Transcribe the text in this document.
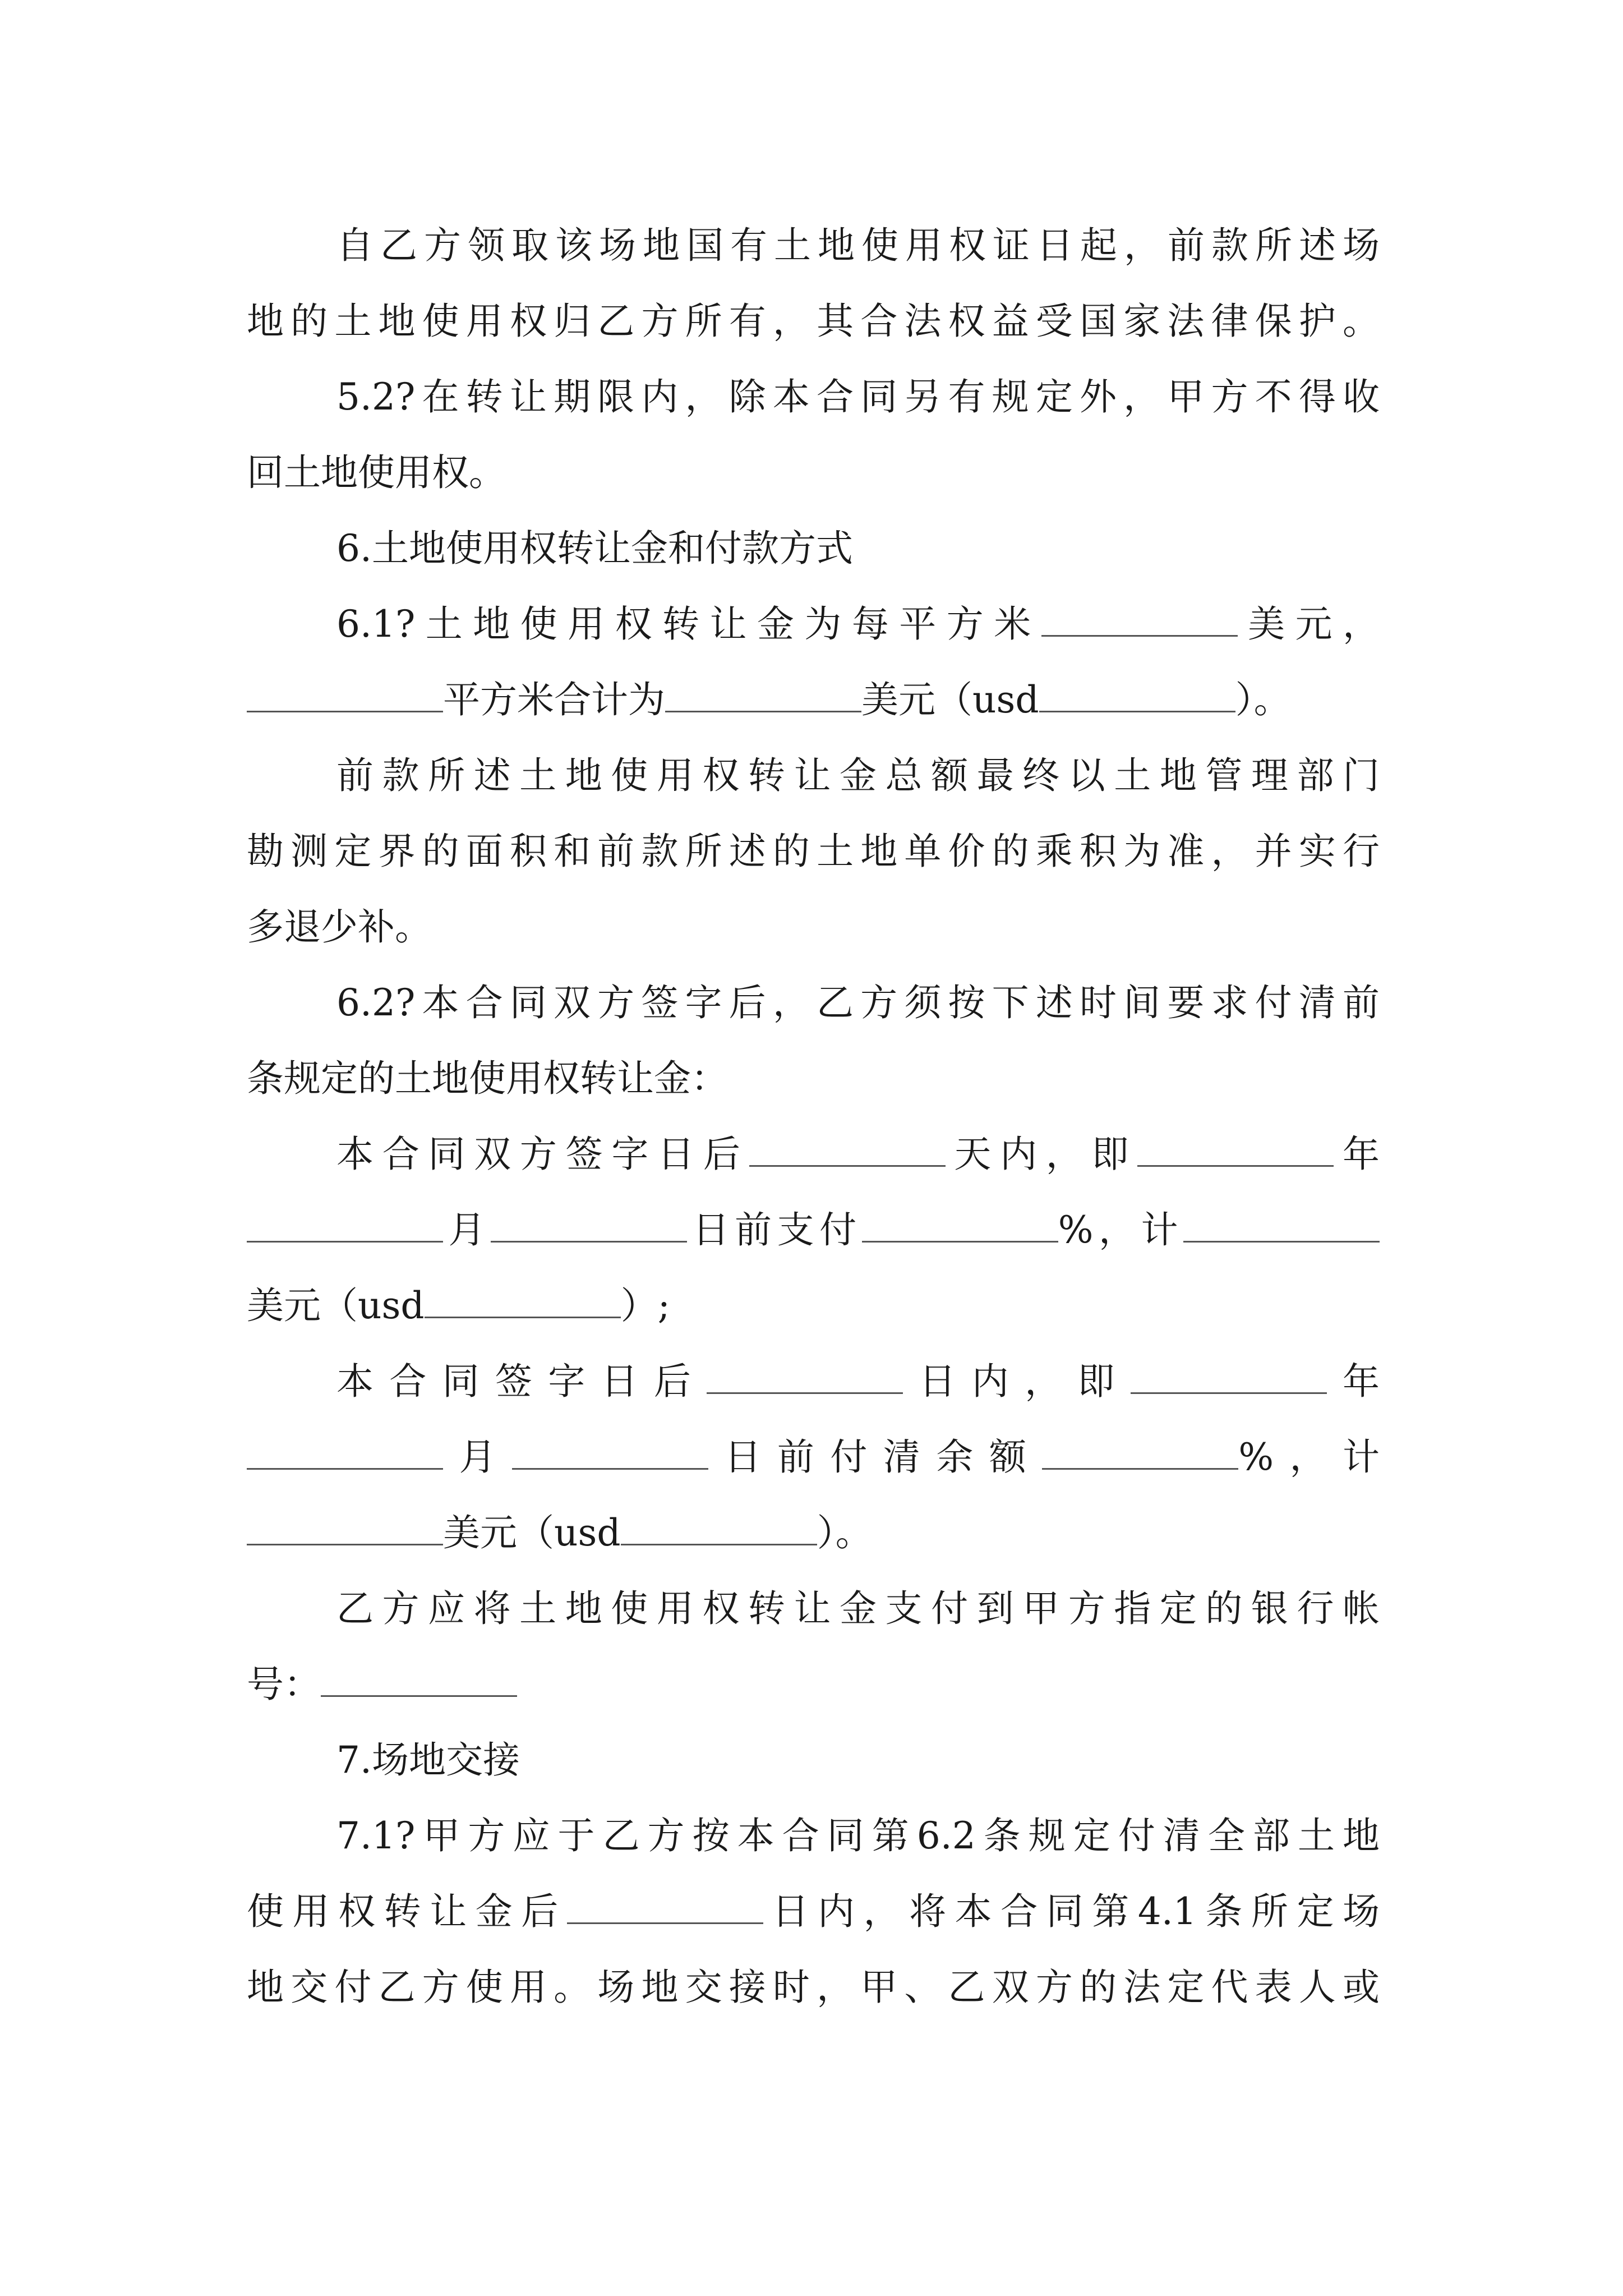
自乙方领取该场地国有土地使用权证日起，前款所述场
地的土地使用权归乙方所有，其合法权益受国家法律保护。
5.2?在转让期限内，除本合同另有规定外，甲方不得收
回土地使用权。
6.土地使用权转让金和付款方式
6.1?土地使用权转让金为每平方米	美元，
平方米合计为	美元（usd	）。
前款所述土地使用权转让金总额最终以土地管理部门
勘测定界的面积和前款所述的土地单价的乘积为准，并实行
多退少补。
6.2?本合同双方签字后，乙方须按下述时间要求付清前
条规定的土地使用权转让金：
本合同双方签字日后	天内，即	年
月	日前支付	%，计
美元（usd	）;
本合同签字日后	日内，即	年
月	日前付清余额	%，计
美元（usd	）。
乙方应将土地使用权转让金支付到甲方指定的银行帐
号：
7.场地交接
7.1?甲方应于乙方按本合同第6.2条规定付清全部土地
使用权转让金后	日内，将本合同第4.1条所定场
地交付乙方使用。场地交接时，甲、乙双方的法定代表人或
